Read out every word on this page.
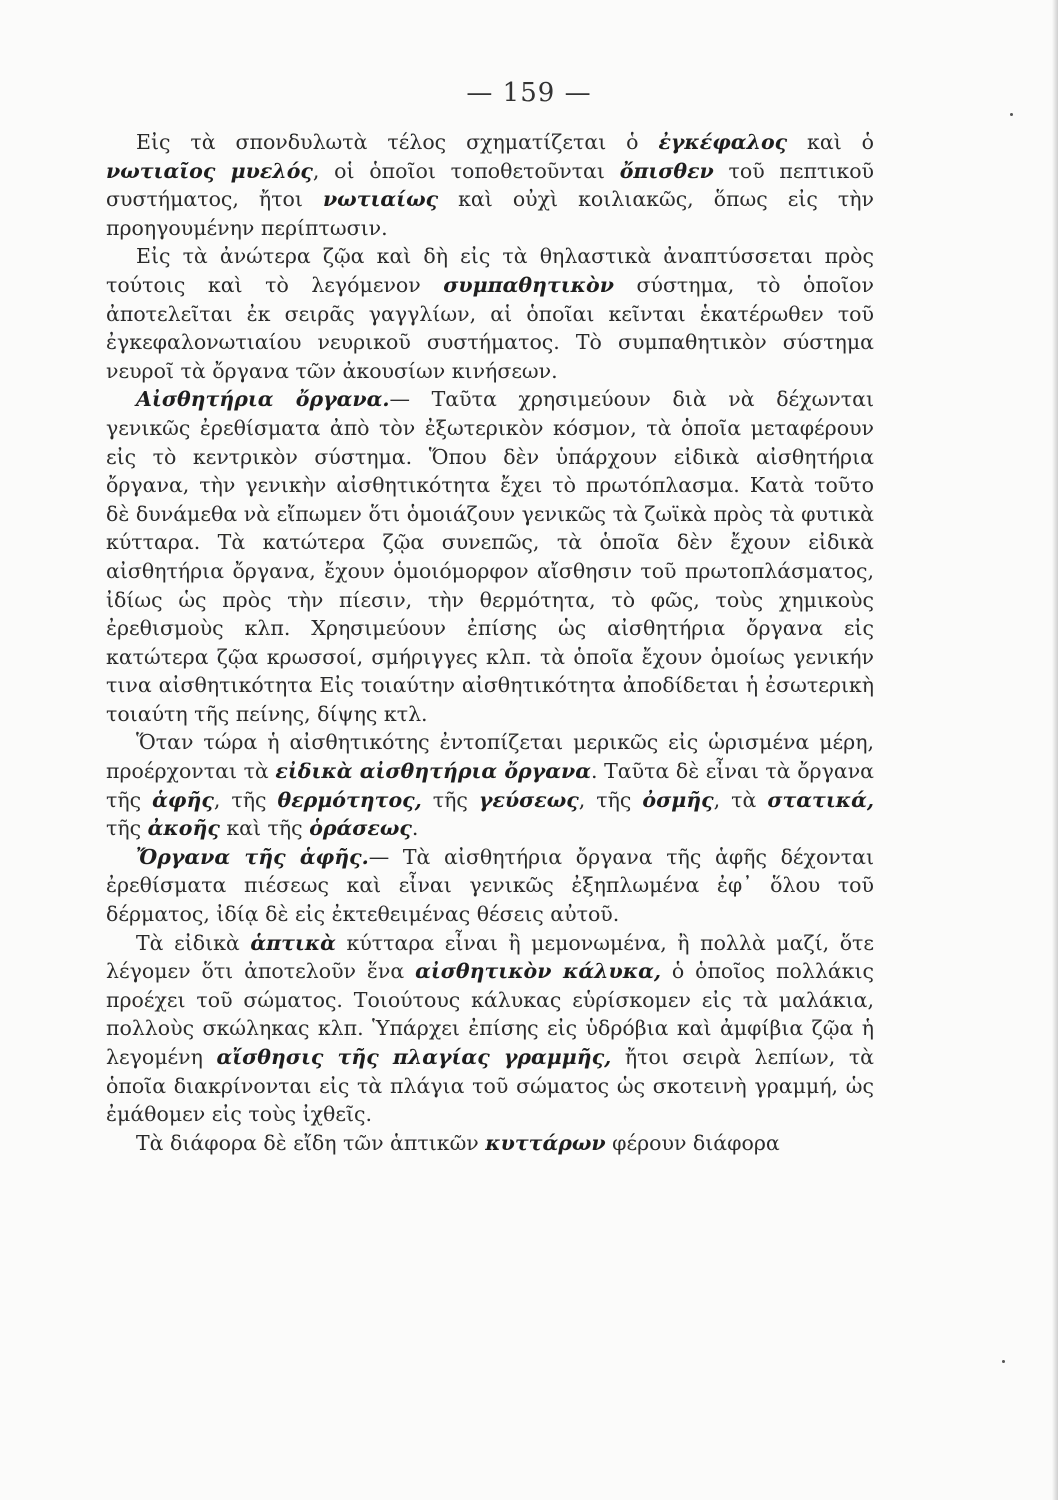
— 159 —

Εἰς τὰ σπονδυλωτὰ τέλος σχηματίζεται ὁ ἐγκέφαλος καὶ ὁ νωτιαῖος μυελός, οἱ ὁποῖοι τοποθετοῦνται ὄπισθεν τοῦ πεπτικοῦ συστήματος, ἤτοι νωτιαίως καὶ οὐχὶ κοιλιακῶς, ὅπως εἰς τὴν προηγουμένην περίπτωσιν.

Εἰς τὰ ἀνώτερα ζῷα καὶ δὴ εἰς τὰ θηλαστικὰ ἀναπτύσσεται πρὸς τούτοις καὶ τὸ λεγόμενον συμπαθητικὸν σύστημα, τὸ ὁποῖον ἀποτελεῖται ἐκ σειρᾶς γαγγλίων, αἱ ὁποῖαι κεῖνται ἑκατέρωθεν τοῦ ἐγκεφαλονωτιαίου νευρικοῦ συστήματος. Τὸ συμπαθητικὸν σύστημα νευροῖ τὰ ὄργανα τῶν ἀκουσίων κινήσεων.

Αἰσθητήρια ὄργανα.— Ταῦτα χρησιμεύουν διὰ νὰ δέχωνται γενικῶς ἐρεθίσματα ἀπὸ τὸν ἐξωτερικὸν κόσμον, τὰ ὁποῖα μεταφέρουν εἰς τὸ κεντρικὸν σύστημα. Ὅπου δὲν ὑπάρχουν εἰδικὰ αἰσθητήρια ὄργανα, τὴν γενικὴν αἰσθητικότητα ἔχει τὸ πρωτόπλασμα. Κατὰ τοῦτο δὲ δυνάμεθα νὰ εἴπωμεν ὅτι ὁμοιάζουν γενικῶς τὰ ζωϊκὰ πρὸς τὰ φυτικὰ κύτταρα. Τὰ κατώτερα ζῷα συνεπῶς, τὰ ὁποῖα δὲν ἔχουν εἰδικὰ αἰσθητήρια ὄργανα, ἔχουν ὁμοιόμορφον αἴσθησιν τοῦ πρωτοπλάσματος, ἰδίως ὡς πρὸς τὴν πίεσιν, τὴν θερμότητα, τὸ φῶς, τοὺς χημικοὺς ἐρεθισμοὺς κλπ. Χρησιμεύουν ἐπίσης ὡς αἰσθητήρια ὄργανα εἰς κατώτερα ζῷα κρωσσοί, σμήριγγες κλπ. τὰ ὁποῖα ἔχουν ὁμοίως γενικήν τινα αἰσθητικότητα Εἰς τοιαύτην αἰσθητικότητα ἀποδίδεται ἡ ἐσωτερικὴ τοιαύτη τῆς πείνης, δίψης κτλ.

Ὅταν τώρα ἡ αἰσθητικότης ἐντοπίζεται μερικῶς εἰς ὡρισμένα μέρη, προέρχονται τὰ εἰδικὰ αἰσθητήρια ὄργανα. Ταῦτα δὲ εἶναι τὰ ὄργανα τῆς ἁφῆς, τῆς θερμότητος, τῆς γεύσεως, τῆς ὀσμῆς, τὰ στατικά, τῆς ἀκοῆς καὶ τῆς ὁράσεως.

Ὄργανα τῆς ἁφῆς.— Τὰ αἰσθητήρια ὄργανα τῆς ἁφῆς δέχονται ἐρεθίσματα πιέσεως καὶ εἶναι γενικῶς ἐξηπλωμένα ἐφ᾽ ὅλου τοῦ δέρματος, ἰδίᾳ δὲ εἰς ἐκτεθειμένας θέσεις αὐτοῦ.

Τὰ εἰδικὰ ἁπτικὰ κύτταρα εἶναι ἢ μεμονωμένα, ἢ πολλὰ μαζί, ὅτε λέγομεν ὅτι ἀποτελοῦν ἕνα αἰσθητικὸν κάλυκα, ὁ ὁποῖος πολλάκις προέχει τοῦ σώματος. Τοιούτους κάλυκας εὑρίσκομεν εἰς τὰ μαλάκια, πολλοὺς σκώληκας κλπ. Ὑπάρχει ἐπίσης εἰς ὑδρόβια καὶ ἀμφίβια ζῷα ἡ λεγομένη αἴσθησις τῆς πλαγίας γραμμῆς, ἤτοι σειρὰ λεπίων, τὰ ὁποῖα διακρίνονται εἰς τὰ πλάγια τοῦ σώματος ὡς σκοτεινὴ γραμμή, ὡς ἐμάθομεν εἰς τοὺς ἰχθεῖς.

Τὰ διάφορα δὲ εἴδη τῶν ἁπτικῶν κυττάρων φέρουν διάφορα
